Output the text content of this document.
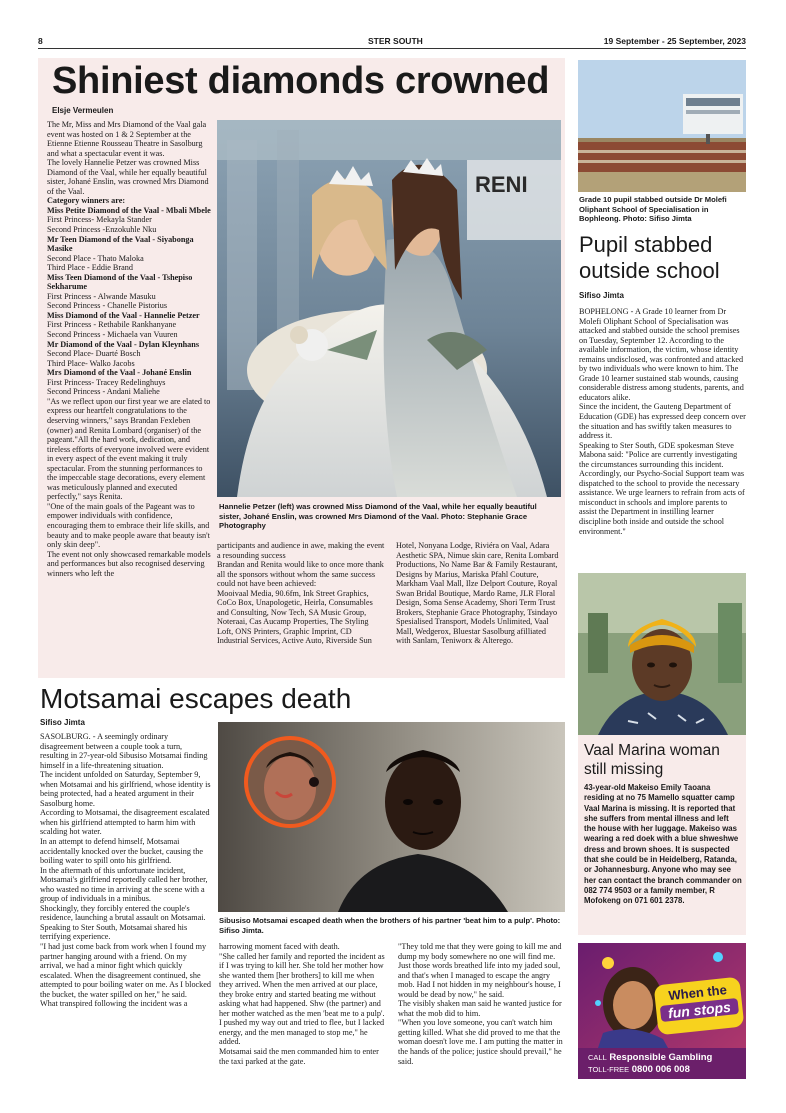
8	STER SOUTH	19 September - 25 September, 2023
Shiniest diamonds crowned
Elsje Vermeulen

The Mr, Miss and Mrs Diamond of the Vaal gala event was hosted on 1 & 2 September at the Etienne Etienne Rousseau Theatre in Sasolburg and what a spectacular event it was.

The lovely Hannelie Petzer was crowned Miss Diamond of the Vaal, while her equally beautiful sister, Johané Enslin, was crowned Mrs Diamond of the Vaal.

Category winners are:

Miss Petite Diamond of the Vaal - Mbali Mbele

First Princess- Mekayla Stander

Second Princess -Enzokuhle Nku

Mr Teen Diamond of the Vaal - Siyabonga Masike

Second Place - Thato Maloka

Third Place - Eddie Brand

Miss Teen Diamond of the Vaal - Tshepiso Sekharume

First Princess - Alwande Masuku

Second Princess - Chanelle Pistorius

Miss Diamond of the Vaal - Hannelie Petzer

First Princess - Rethabile Rankhanyane

Second Princess - Michaela van Vuuren

Mr Diamond of the Vaal - Dylan Kleynhans

Second Place- Duarté Bosch

Third Place- Walko Jacobs

Mrs Diamond of the Vaal - Johané Enslin

First Princess- Tracey Redelinghuys

Second Princess - Andani Maliehe

"As we reflect upon our first year we are elated to express our heartfelt congratulations to the deserving winners," says Brandan Fexleben (owner) and Renita Lombard (organiser) of the pageant."All the hard work, dedication, and tireless efforts of everyone involved were evident in every aspect of the event making it truly spectacular. From the stunning performances to the impeccable stage decorations, every element was meticulously planned and executed perfectly," says Renita.

"One of the main goals of the Pageant was to empower individuals with confidence, encouraging them to embrace their life skills, and beauty and to make people aware that beauty isn't only skin deep".

The event not only showcased remarkable models and performances but also recognised deserving winners who left the

RENI
Hannelie Petzer (left) was crowned Miss Diamond of the Vaal, while her equally beautiful sister, Johané Enslin, was crowned Mrs Diamond of the Vaal. Photo: Stephanie Grace Photography

participants and audience in awe, making the event a resounding success

Brandan and Renita would like to once more thank all the sponsors without whom the same success could not have been achieved:

Mooivaal Media, 90.6fm, Ink Street Graphics, CoCo Box, Unapologetic, Heirla, Consumables and Consulting, Now Tech, SA Music Group, Noteraai, Cas Aucamp Properties, The Styling Loft, ONS Printers, Graphic Imprint, CD Industrial Services, Active Auto, Riverside Sun

Hotel, Nonyana Lodge, Riviéra on Vaal, Adara Aesthetic SPA, Nimue skin care, Renita Lombard Productions, No Name Bar & Family Restaurant, Designs by Marius, Mariska Pfahl Couture, Markham Vaal Mall, Ilze Delport Couture, Royal Swan Bridal Boutique, Mardo Rame, JLR Floral Design, Soma Sense Academy, Shori Term Trust Brokers, Stephanie Grace Photography, Tsindayo Spesialised Transport, Models Unlimited, Vaal Mall, Wedgerox, Bluestar Sasolburg afilliated with Sanlam, Teniworx & Alterego.

Grade 10 pupil stabbed outside Dr Molefi Oliphant School of Specialisation in Bophleong. Photo: Sifiso Jimta
Pupil stabbed
outside school
Sifiso Jimta

BOPHELONG - A Grade 10 learner from Dr Molefi Oliphant School of Specialisation was attacked and stabbed outside the school premises on Tuesday, September 12. According to the available information, the victim, whose identity remains undisclosed, was confronted and attacked by two individuals who were known to him. The Grade 10 learner sustained stab wounds, causing considerable distress among students, parents, and educators alike.

Since the incident, the Gauteng Department of Education (GDE) has expressed deep concern over the situation and has swiftly taken measures to address it.

Speaking to Ster South, GDE spokesman Steve Mabona said: "Police are currently investigating the circumstances surrounding this incident. Accordingly, our Psycho-Social Support team was dispatched to the school to provide the necessary assistance. We urge learners to refrain from acts of misconduct in schools and implore parents to assist the Department in instilling learner discipline both inside and outside the school environment."

Vaal Marina woman
still missing
43-year-old Makeiso Emily Taoana residing at no 75 Mamello squatter camp Vaal Marina is missing. It is reported that she suffers from mental illness and left the house with her luggage. Makeiso was wearing a red doek with a blue shweshwe dress and brown shoes. It is suspected that she could be in Heidelberg, Ratanda, or Johannesburg. Anyone who may see her can contact the branch commander on 082 774 9503 or a family member, R Mofokeng on 071 601 2378.
When the
fun stops
CALL Responsible Gambling
TOLL-FREE 0800 006 008
Motsamai escapes death
Sifiso Jimta

SASOLBURG. - A seemingly ordinary disagreement between a couple took a turn, resulting in 27-year-old Sibusiso Motsamai finding himself in a life-threatening situation.

The incident unfolded on Saturday, September 9, when Motsamai and his girlfriend, whose identity is being protected, had a heated argument in their Sasolburg home.

According to Motsamai, the disagreement escalated when his girlfriend attempted to harm him with scalding hot water.

In an attempt to defend himself, Motsamai accidentally knocked over the bucket, causing the boiling water to spill onto his girlfriend.

In the aftermath of this unfortunate incident, Motsamai's girlfriend reportedly called her brother, who wasted no time in arriving at the scene with a group of individuals in a minibus.

Shockingly, they forcibly entered the couple's residence, launching a brutal assault on Motsamai.

Speaking to Ster South, Motsamai shared his terrifying experience.

"I had just come back from work when I found my partner hanging around with a friend. On my arrival, we had a minor fight which quickly escalated. When the disagreement continued, she attempted to pour boiling water on me. As I blocked the bucket, the water spilled on her," he said.

What transpired following the incident was a

Sibusiso Motsamai escaped death when the brothers of his partner 'beat him to a pulp'. Photo: Sifiso Jimta.

harrowing moment faced with death.

"She called her family and reported the incident as if I was trying to kill her. She told her mother how she wanted them [her brothers] to kill me when they arrived. When the men arrived at our place, they broke entry and started beating me without asking what had happened. Shw (the partner) and her mother watched as the men 'beat me to a pulp'. I pushed my way out and tried to flee, but I lacked energy, and the men managed to stop me," he added.

Motsamai said the men commanded him to enter the taxi parked at the gate.

"They told me that they were going to kill me and dump my body somewhere no one will find me. Just those words breathed life into my jaded soul, and that's when I managed to escape the angry mob. Had I not hidden in my neighbour's house, I would be dead by now," he said.

The visibly shaken man said he wanted justice for what the mob did to him.

"When you love someone, you can't watch him getting killed. What she did proved to me that the woman doesn't love me. I am putting the matter in the hands of the police; justice should prevail," he said.
